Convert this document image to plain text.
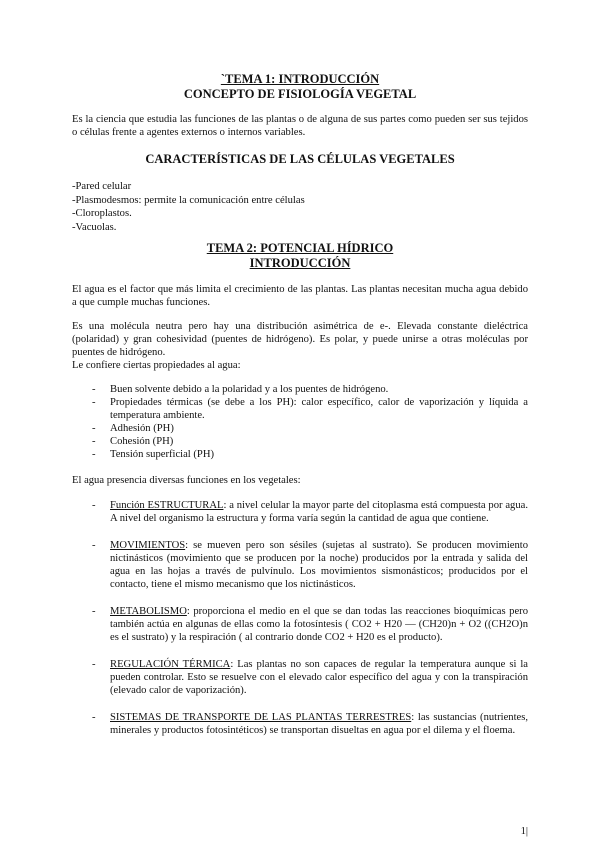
`TEMA 1: INTRODUCCIÓN
CONCEPTO DE FISIOLOGÍA VEGETAL

Es la ciencia que estudia las funciones de las plantas o de alguna de sus partes como pueden ser sus tejidos o células frente a agentes externos o internos variables.

CARACTERÍSTICAS DE LAS CÉLULAS VEGETALES
-Pared celular
-Plasmodesmos: permite la comunicación entre células
-Cloroplastos.
-Vacuolas.
TEMA 2: POTENCIAL HÍDRICO
INTRODUCCIÓN

El agua es el factor que más limita el crecimiento de las plantas. Las plantas necesitan mucha agua debido a que cumple muchas funciones.

Es una molécula neutra pero hay una distribución asimétrica de e-. Elevada constante dieléctrica (polaridad) y gran cohesividad (puentes de hidrógeno). Es polar, y puede unirse a otras moléculas por puentes de hidrógeno.

Le confiere ciertas propiedades al agua:

- Buen solvente debido a la polaridad y a los puentes de hidrógeno.
- Propiedades térmicas (se debe a los PH): calor específico, calor de vaporización y líquida a temperatura ambiente.
- Adhesión (PH)
- Cohesión (PH)
- Tensión superficial (PH)

El agua presencia diversas funciones en los vegetales:

- Función ESTRUCTURAL: a nivel celular la mayor parte del citoplasma está compuesta por agua. A nivel del organismo la estructura y forma varía según la cantidad de agua que contiene.
- MOVIMIENTOS: se mueven pero son sésiles (sujetas al sustrato). Se producen movimiento nictinásticos (movimiento que se producen por la noche) producidos por la entrada y salida del agua en las hojas a través de pulvínulo. Los movimientos sismonásticos; producidos por el contacto, tiene el mismo mecanismo que los nictinásticos.
- METABOLISMO: proporciona el medio en el que se dan todas las reacciones bioquímicas pero también actúa en algunas de ellas como la fotosíntesis ( CO2 + H20 — (CH20)n + O2 ((CH2O)n es el sustrato) y la respiración ( al contrario donde CO2 + H20 es el producto).
- REGULACIÓN TÉRMICA: Las plantas no son capaces de regular la temperatura aunque si la pueden controlar. Esto se resuelve con el elevado calor específico del agua y con la transpiración (elevado calor de vaporización).
- SISTEMAS DE TRANSPORTE DE LAS PLANTAS TERRESTRES: las sustancias (nutrientes, minerales y productos fotosintéticos) se transportan disueltas en agua por el dilema y el floema.
1|
